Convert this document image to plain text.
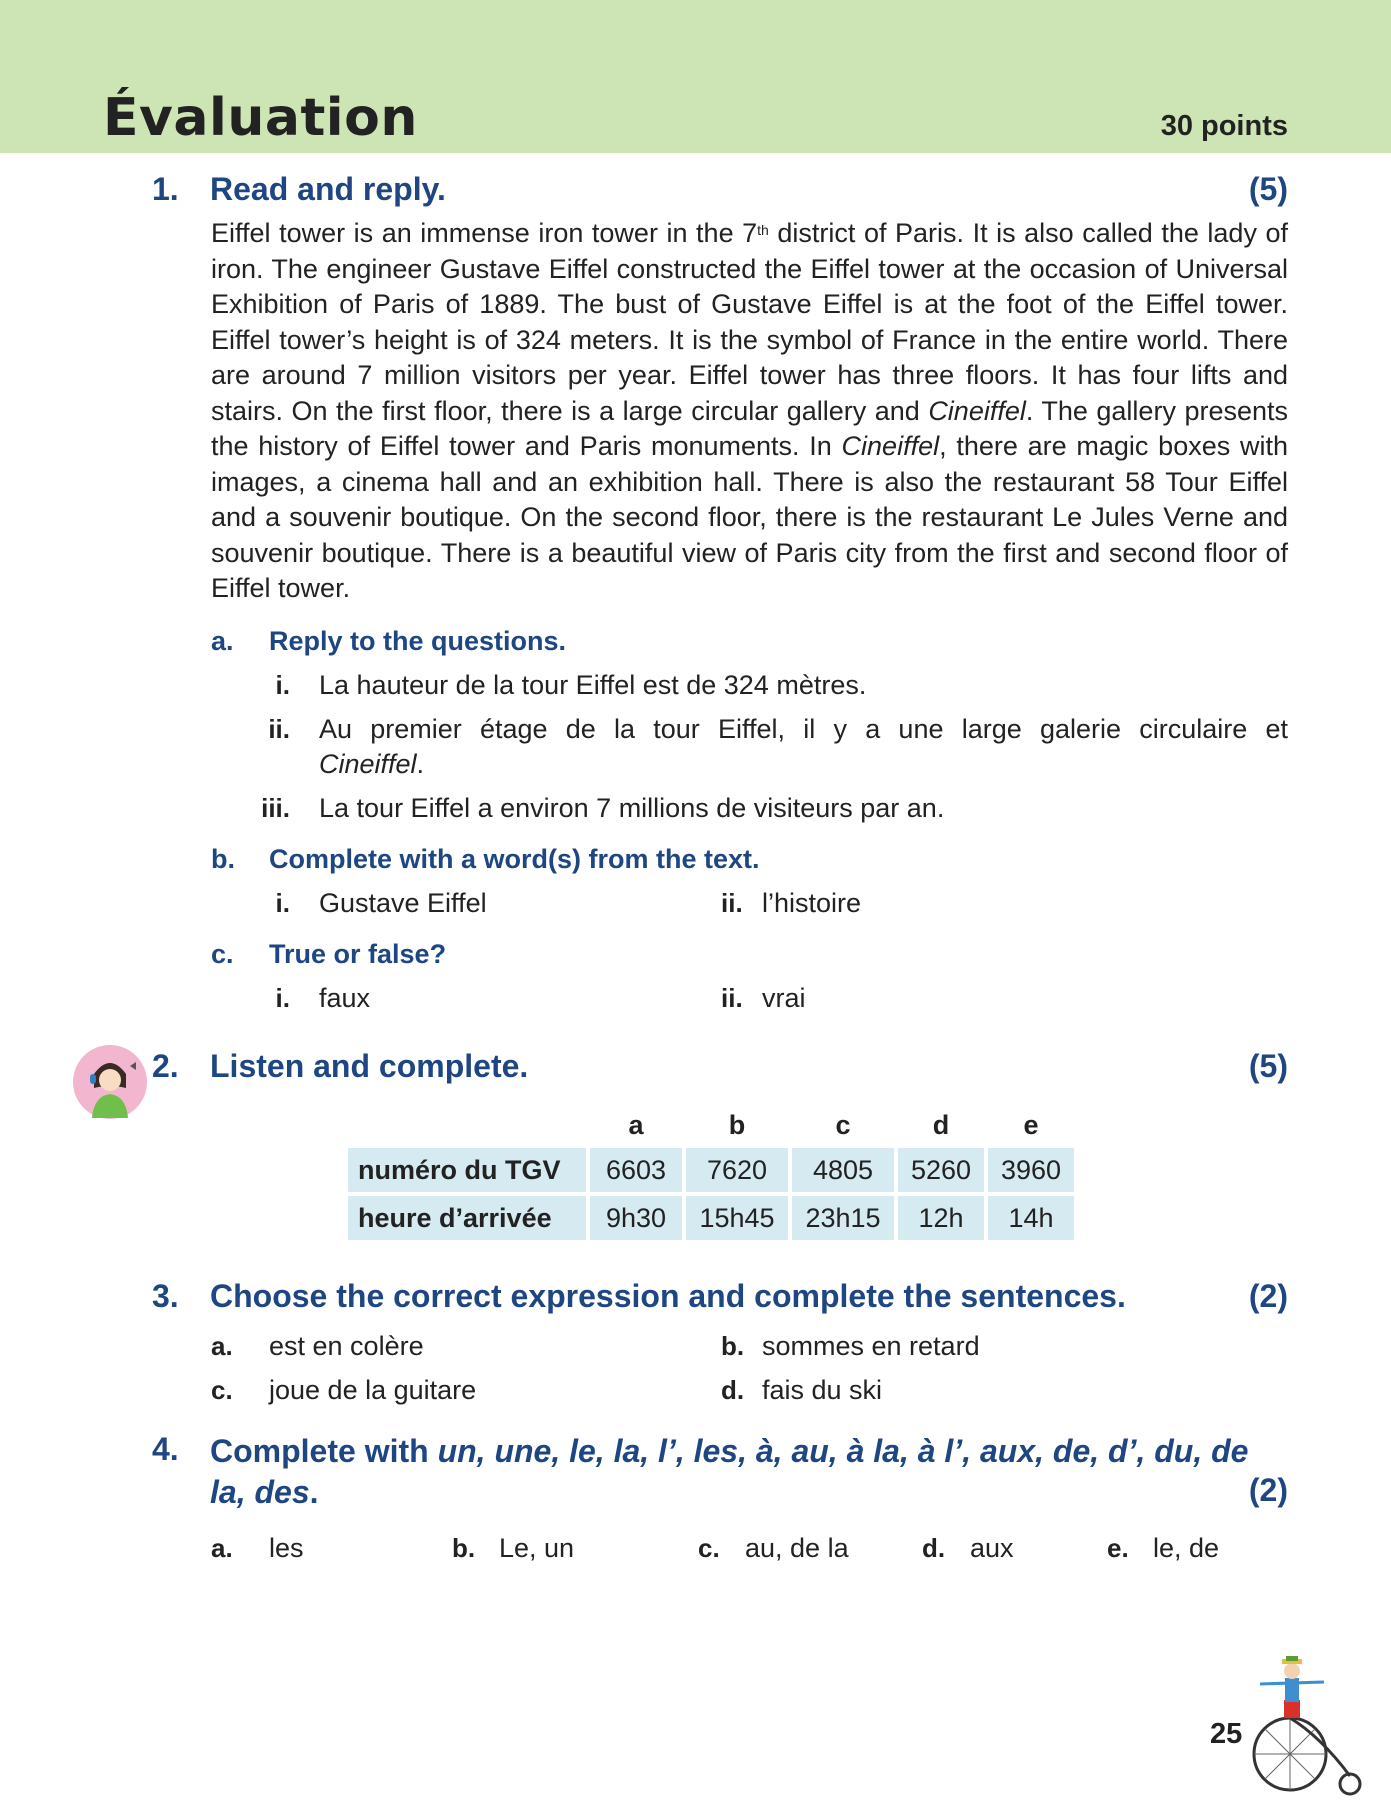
Évaluation	30 points
1. Read and reply.	(5)
Eiffel tower is an immense iron tower in the 7th district of Paris. It is also called the lady of iron. The engineer Gustave Eiffel constructed the Eiffel tower at the occasion of Universal Exhibition of Paris of 1889. The bust of Gustave Eiffel is at the foot of the Eiffel tower. Eiffel tower’s height is of 324 meters. It is the symbol of France in the entire world. There are around 7 million visitors per year. Eiffel tower has three floors. It has four lifts and stairs. On the first floor, there is a large circular gallery and Cineiffel. The gallery presents the history of Eiffel tower and Paris monuments. In Cineiffel, there are magic boxes with images, a cinema hall and an exhibition hall. There is also the restaurant 58 Tour Eiffel and a souvenir boutique. On the second floor, there is the restaurant Le Jules Verne and souvenir boutique. There is a beautiful view of Paris city from the first and second floor of Eiffel tower.
a. Reply to the questions.
i. La hauteur de la tour Eiffel est de 324 mètres.
ii. Au premier étage de la tour Eiffel, il y a une large galerie circulaire et
Cineiffel.
iii. La tour Eiffel a environ 7 millions de visiteurs par an.
b. Complete with a word(s) from the text.
i. Gustave Eiffel	ii. l’histoire
c. True or false?
i. faux	ii. vrai
2. Listen and complete.	(5)
	a	b	c	d	e
numéro du TGV	6603	7620	4805	5260	3960
heure d’arrivée	9h30	15h45	23h15	12h	14h
3. Choose the correct expression and complete the sentences.	(2)
a. est en colère	b. sommes en retard
c. joue de la guitare	d. fais du ski
4. Complete with un, une, le, la, l’, les, à, au, à la, à l’, aux, de, d’, du, de la, des.	(2)
a. les	b. Le, un	c. au, de la	d. aux	e. le, de
25
